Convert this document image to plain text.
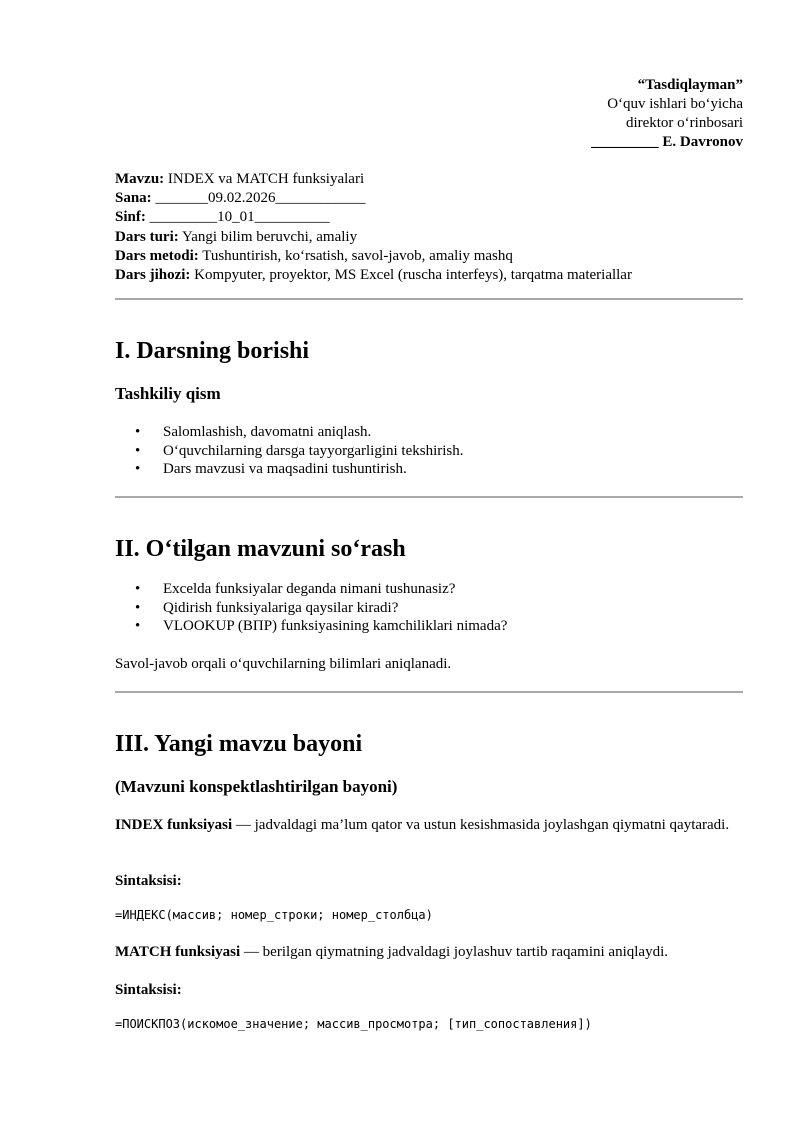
“Tasdiqlayman”
O‘quv ishlari bo‘yicha
direktor o‘rinbosari
_________ E. Davronov
Mavzu: INDEX va MATCH funksiyalari
Sana: _______09.02.2026____________
Sinf: _________10_01__________
Dars turi: Yangi bilim beruvchi, amaliy
Dars metodi: Tushuntirish, ko‘rsatish, savol-javob, amaliy mashq
Dars jihozi: Kompyuter, proyektor, MS Excel (ruscha interfeys), tarqatma materiallar
I. Darsning borishi
Tashkiliy qism
• Salomlashish, davomatni aniqlash.
• O‘quvchilarning darsga tayyorgarligini tekshirish.
• Dars mavzusi va maqsadini tushuntirish.
II. O‘tilgan mavzuni so‘rash
• Excelda funksiyalar deganda nimani tushunasiz?
• Qidirish funksiyalariga qaysilar kiradi?
• VLOOKUP (ВПР) funksiyasining kamchiliklari nimada?

Savol-javob orqali o‘quvchilarning bilimlari aniqlanadi.

III. Yangi mavzu bayoni
(Mavzuni konspektlashtirilgan bayoni)

INDEX funksiyasi — jadvaldagi ma’lum qator va ustun kesishmasida joylashgan qiymatni qaytaradi.

Sintaksisi:

=ИНДЕКС(массив; номер_строки; номер_столбца)

MATCH funksiyasi — berilgan qiymatning jadvaldagi joylashuv tartib raqamini aniqlaydi.

Sintaksisi:

=ПОИСКПОЗ(искомое_значение; массив_просмотра; [тип_сопоставления])
